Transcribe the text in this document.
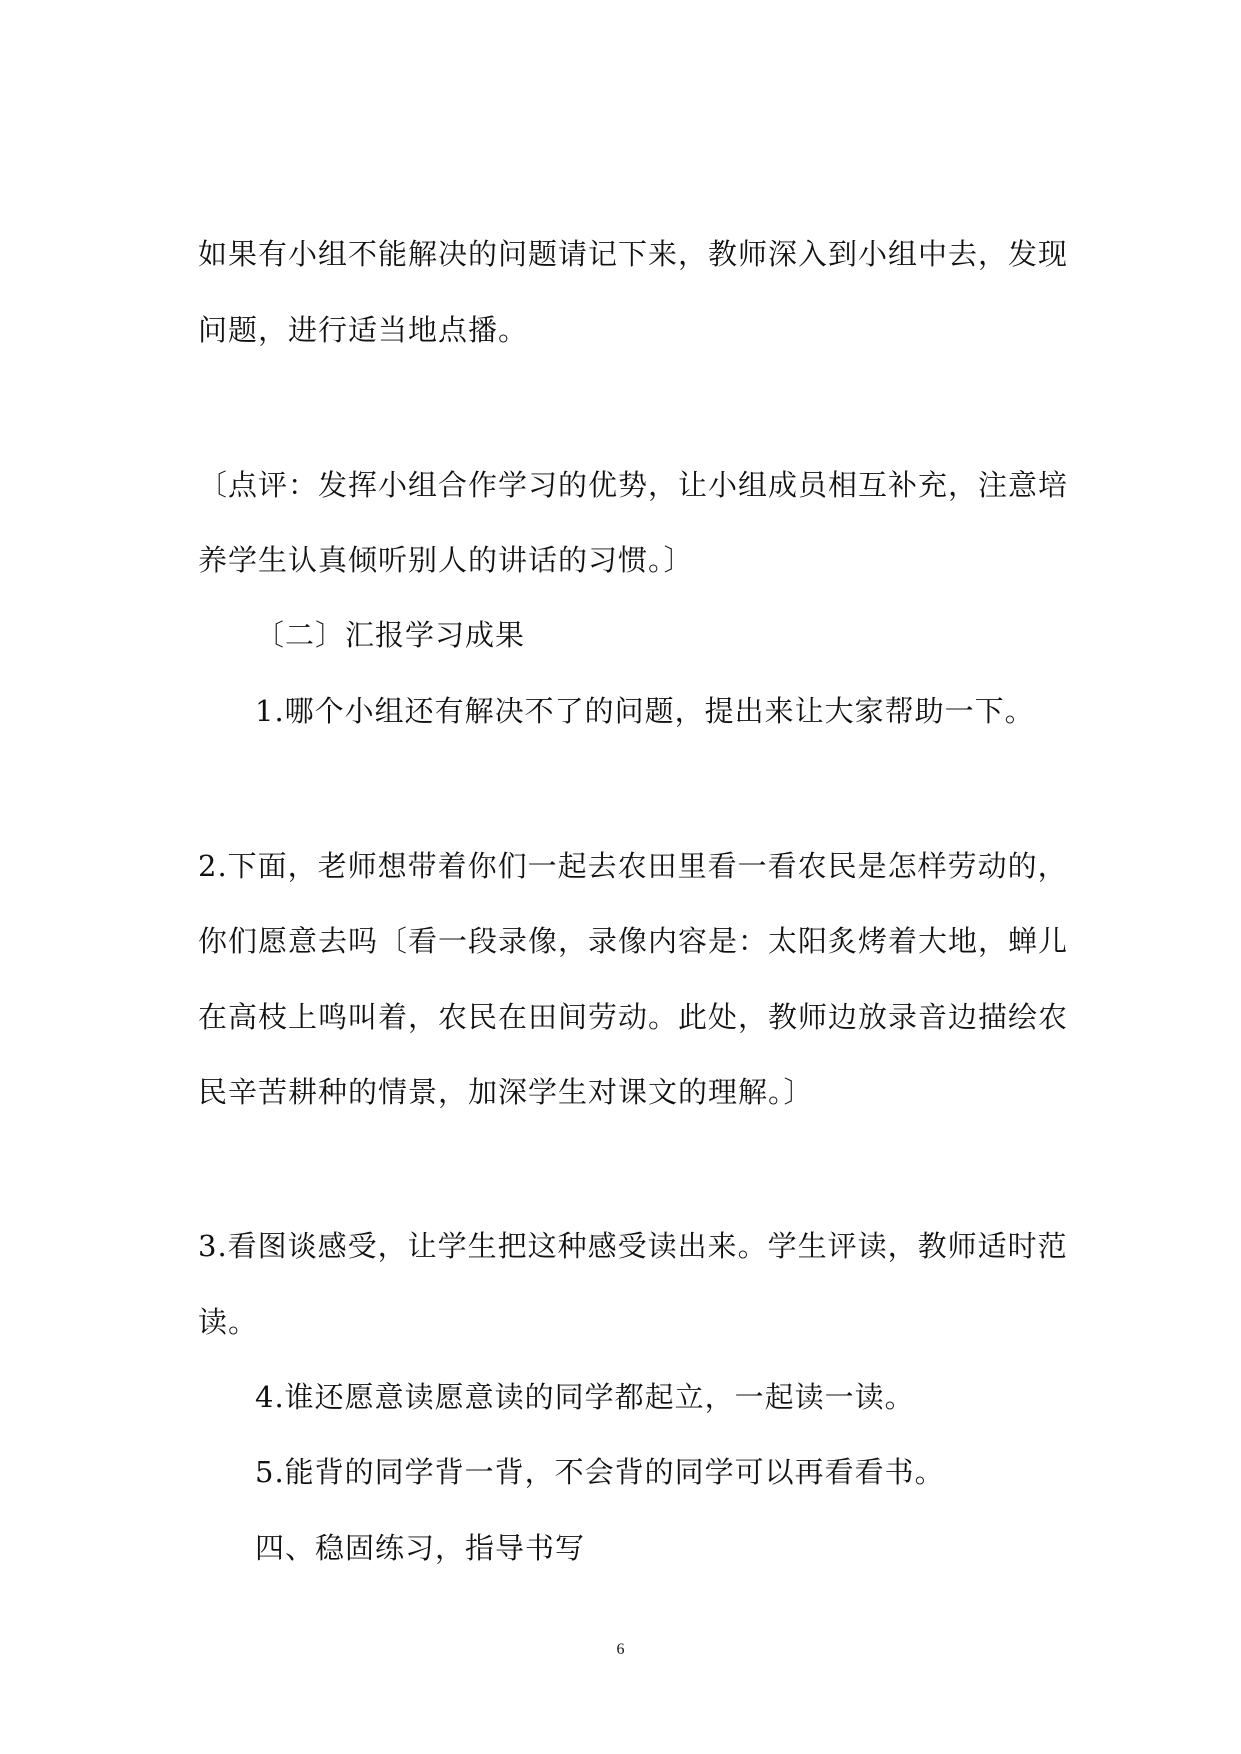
如果有小组不能解决的问题请记下来，教师深入到小组中去，发现
问题，进行适当地点播。
〔点评：发挥小组合作学习的优势，让小组成员相互补充，注意培
养学生认真倾听别人的讲话的习惯。〕
〔二〕汇报学习成果
1.哪个小组还有解决不了的问题，提出来让大家帮助一下。
2.下面，老师想带着你们一起去农田里看一看农民是怎样劳动的，
你们愿意去吗〔看一段录像，录像内容是：太阳炙烤着大地，蝉儿
在高枝上鸣叫着，农民在田间劳动。此处，教师边放录音边描绘农
民辛苦耕种的情景，加深学生对课文的理解。〕
3.看图谈感受，让学生把这种感受读出来。学生评读，教师适时范
读。
4.谁还愿意读愿意读的同学都起立，一起读一读。
5.能背的同学背一背，不会背的同学可以再看看书。
四、稳固练习，指导书写
6
